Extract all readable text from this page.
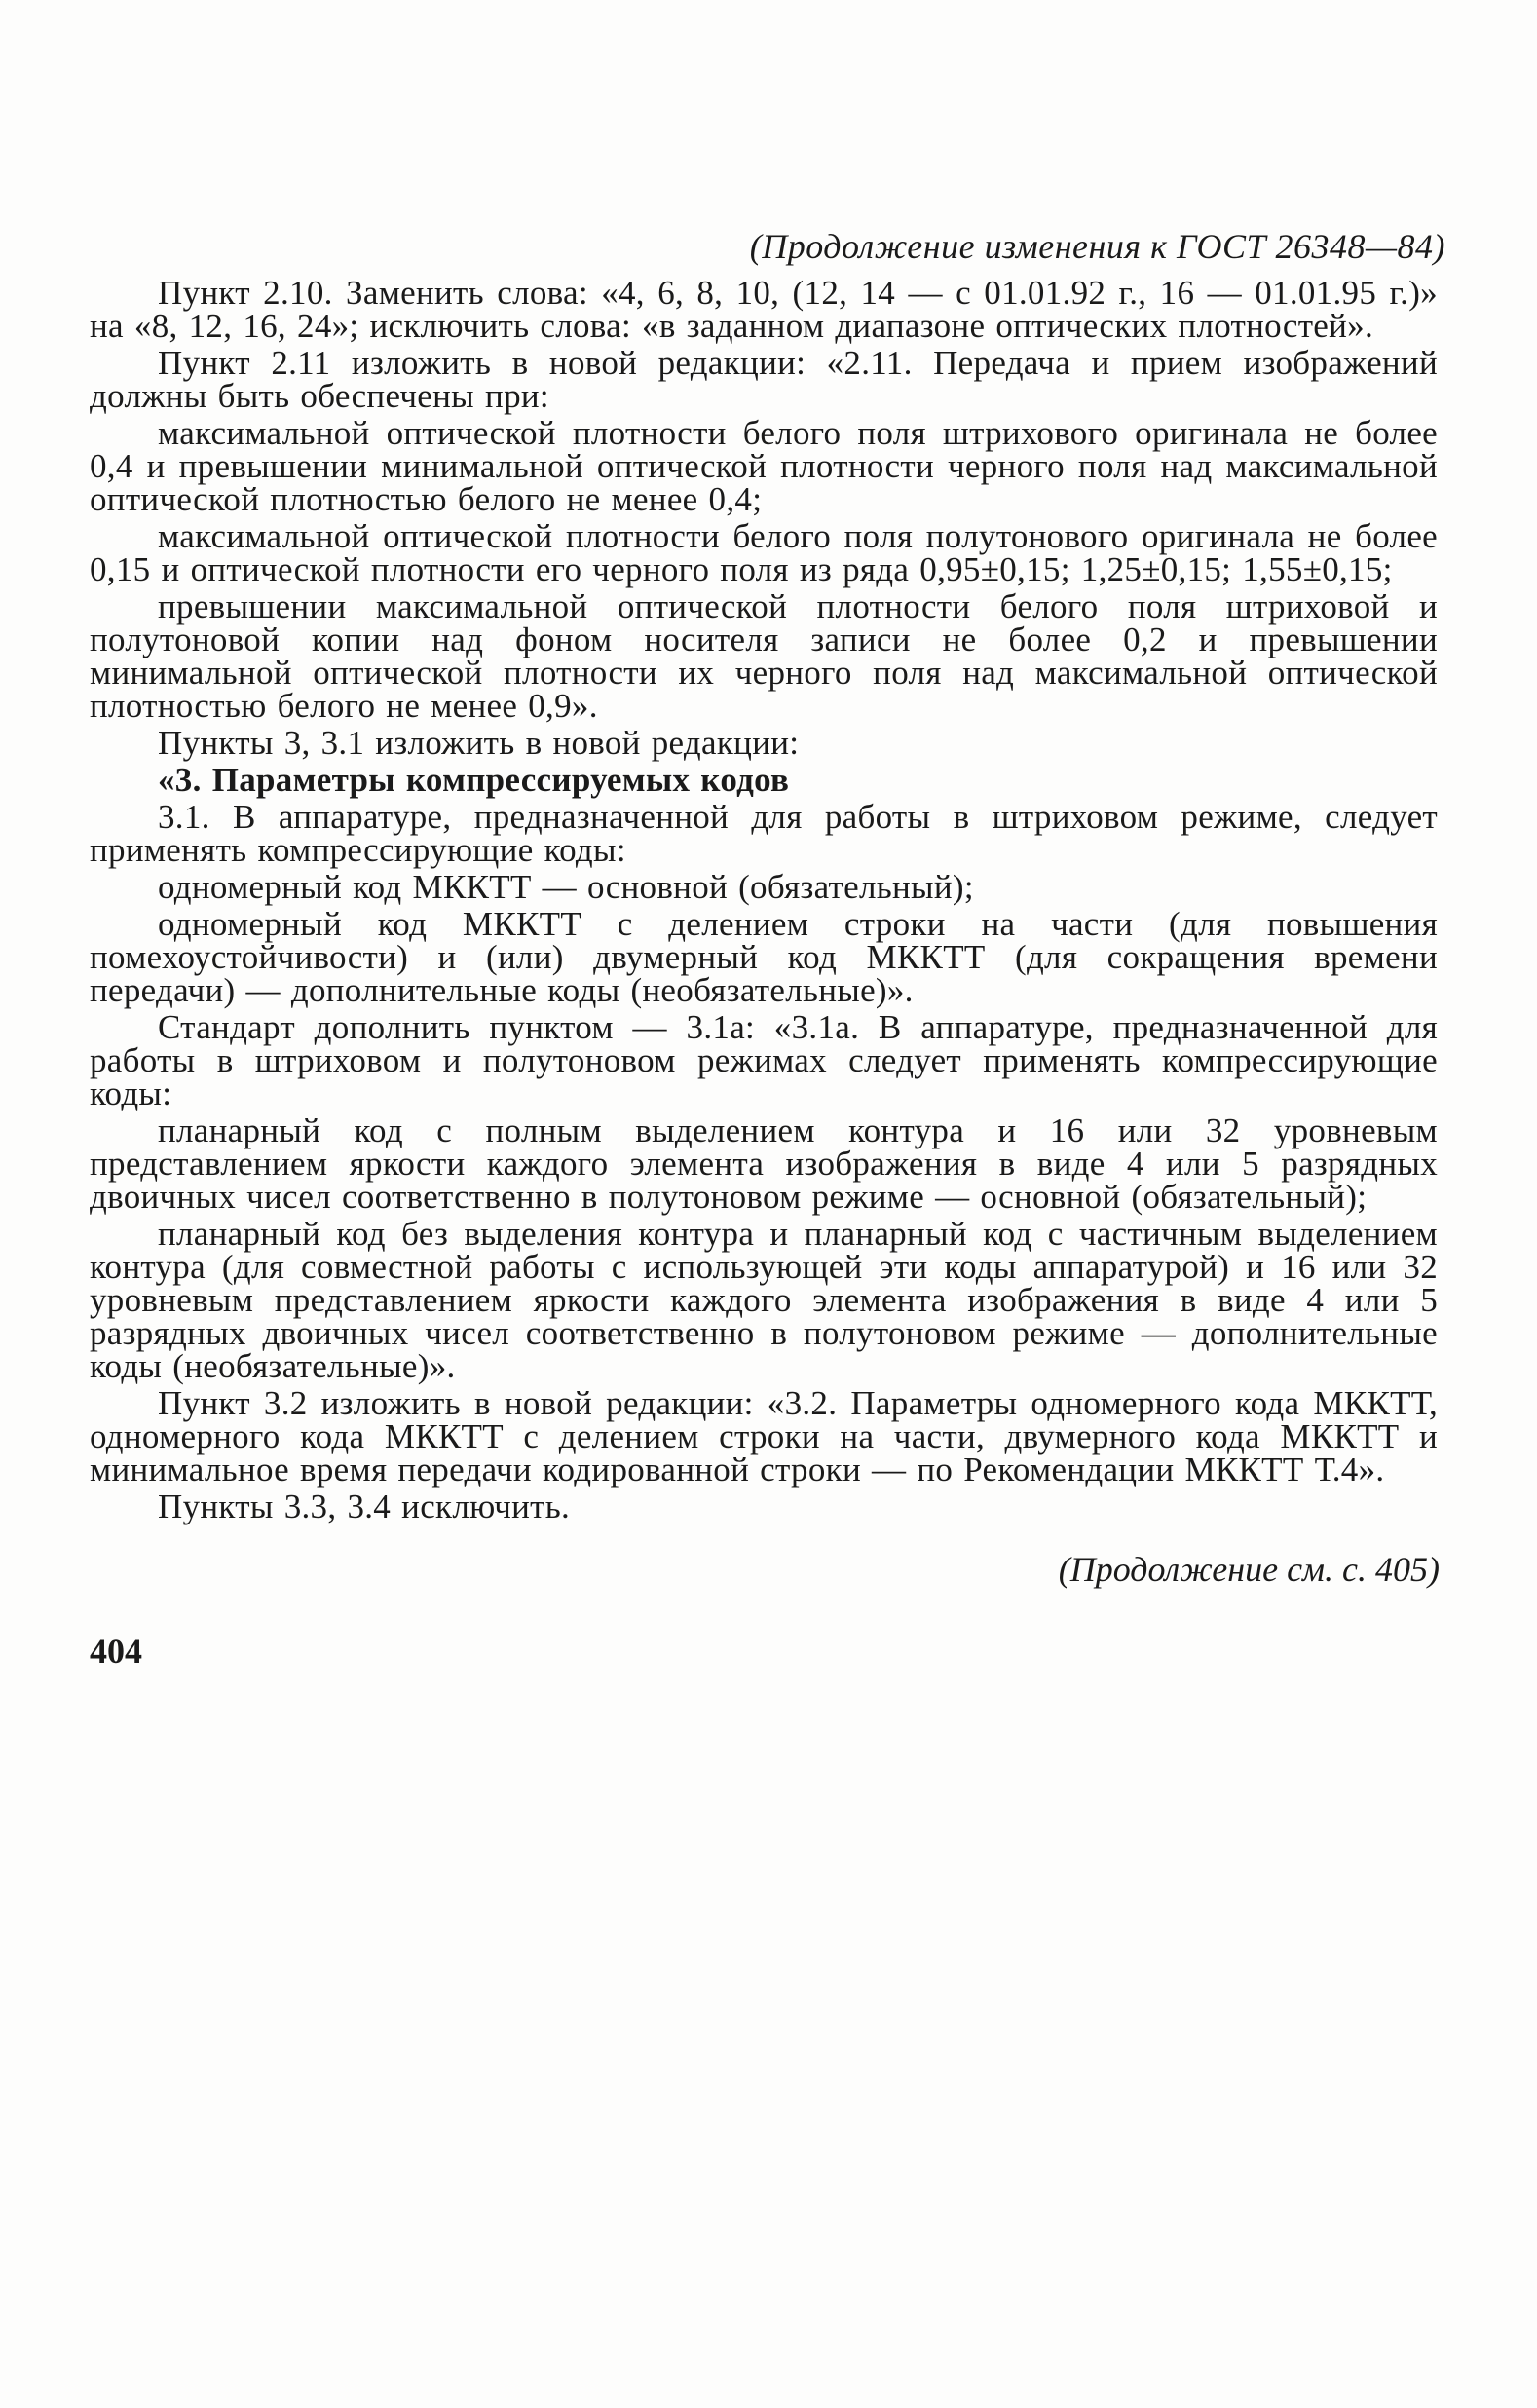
(Продолжение изменения к ГОСТ 26348—84)

Пункт 2.10. Заменить слова: «4, 6, 8, 10, (12, 14 — с 01.01.92 г., 16 — 01.01.95 г.)» на «8, 12, 16, 24»; исключить слова: «в заданном диапазоне оптических плотностей».

Пункт 2.11 изложить в новой редакции: «2.11. Передача и прием изображений должны быть обеспечены при:

максимальной оптической плотности белого поля штрихового оригинала не более 0,4 и превышении минимальной оптической плотности черного поля над максимальной оптической плотностью белого не менее 0,4;

максимальной оптической плотности белого поля полутонового оригинала не более 0,15 и оптической плотности его черного поля из ряда 0,95±0,15; 1,25±0,15; 1,55±0,15;

превышении максимальной оптической плотности белого поля штриховой и полутоновой копии над фоном носителя записи не более 0,2 и превышении минимальной оптической плотности их черного поля над максимальной оптической плотностью белого не менее 0,9».

Пункты 3, 3.1 изложить в новой редакции:

«3. Параметры компрессируемых кодов

3.1. В аппаратуре, предназначенной для работы в штриховом режиме, следует применять компрессирующие коды:

одномерный код МККТТ — основной (обязательный);

одномерный код МККТТ с делением строки на части (для повышения помехоустойчивости) и (или) двумерный код МККТТ (для сокращения времени передачи) — дополнительные коды (необязательные)».

Стандарт дополнить пунктом — 3.1а: «3.1а. В аппаратуре, предназначенной для работы в штриховом и полутоновом режимах следует применять компрессирующие коды:

планарный код с полным выделением контура и 16 или 32 уровневым представлением яркости каждого элемента изображения в виде 4 или 5 разрядных двоичных чисел соответственно в полутоновом режиме — основной (обязательный);

планарный код без выделения контура и планарный код с частичным выделением контура (для совместной работы с использующей эти коды аппаратурой) и 16 или 32 уровневым представлением яркости каждого элемента изображения в виде 4 или 5 разрядных двоичных чисел соответственно в полутоновом режиме — дополнительные коды (необязательные)».

Пункт 3.2 изложить в новой редакции: «3.2. Параметры одномерного кода МККТТ, одномерного кода МККТТ с делением строки на части, двумерного кода МККТТ и минимальное время передачи кодированной строки — по Рекомендации МККТТ Т.4».

Пункты 3.3, 3.4 исключить.

(Продолжение см. с. 405)
404
